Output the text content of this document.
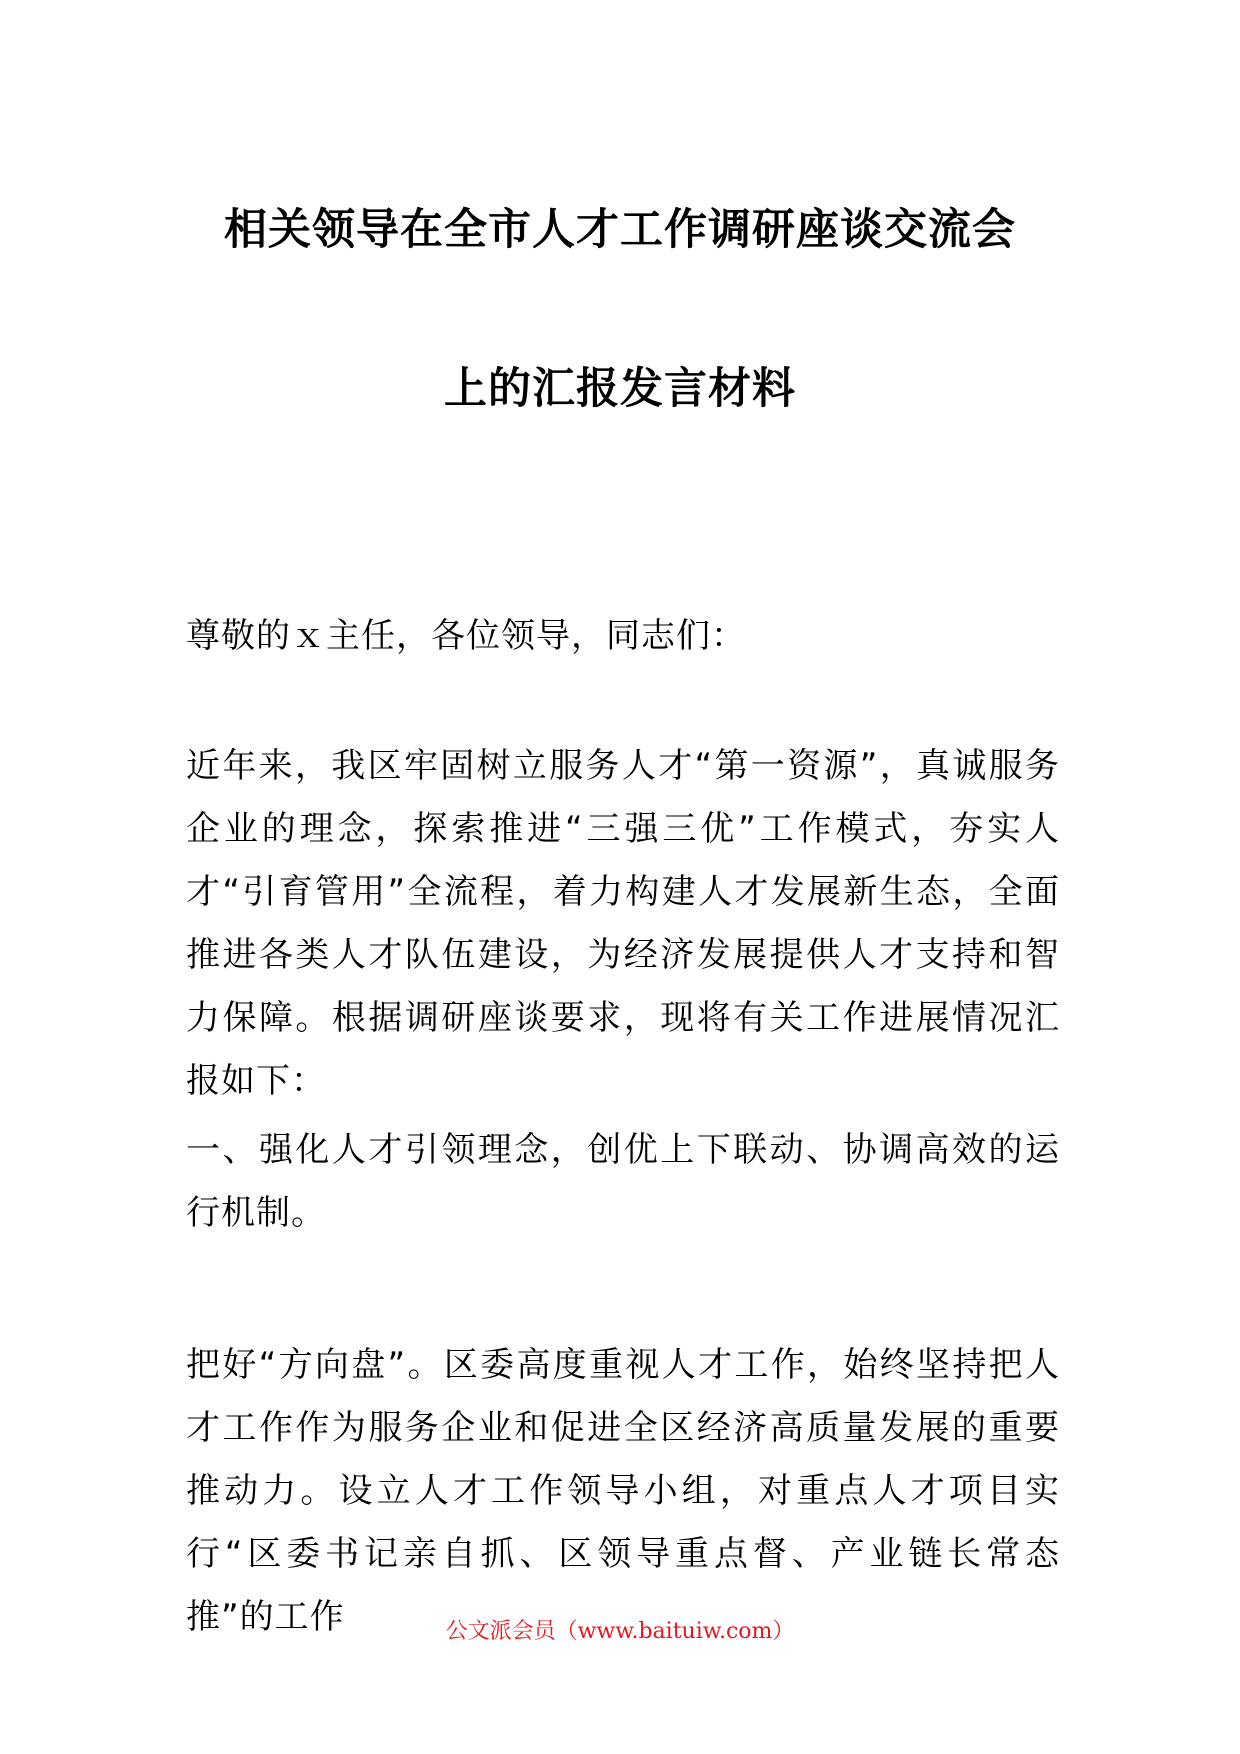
相关领导在全市人才工作调研座谈交流会
上的汇报发言材料

尊敬的ｘ主任，各位领导，同志们：

近年来，我区牢固树立服务人才“第一资源”，真诚服务企业的理念，探索推进“三强三优”工作模式，夯实人才“引育管用”全流程，着力构建人才发展新生态，全面推进各类人才队伍建设，为经济发展提供人才支持和智力保障。根据调研座谈要求，现将有关工作进展情况汇报如下：

一、强化人才引领理念，创优上下联动、协调高效的运行机制。

把好“方向盘”。区委高度重视人才工作，始终坚持把人才工作作为服务企业和促进全区经济高质量发展的重要推动力。设立人才工作领导小组，对重点人才项目实行“区委书记亲自抓、区领导重点督、产业链长常态推”的工作	公文派会员（www.baituiw.com）
